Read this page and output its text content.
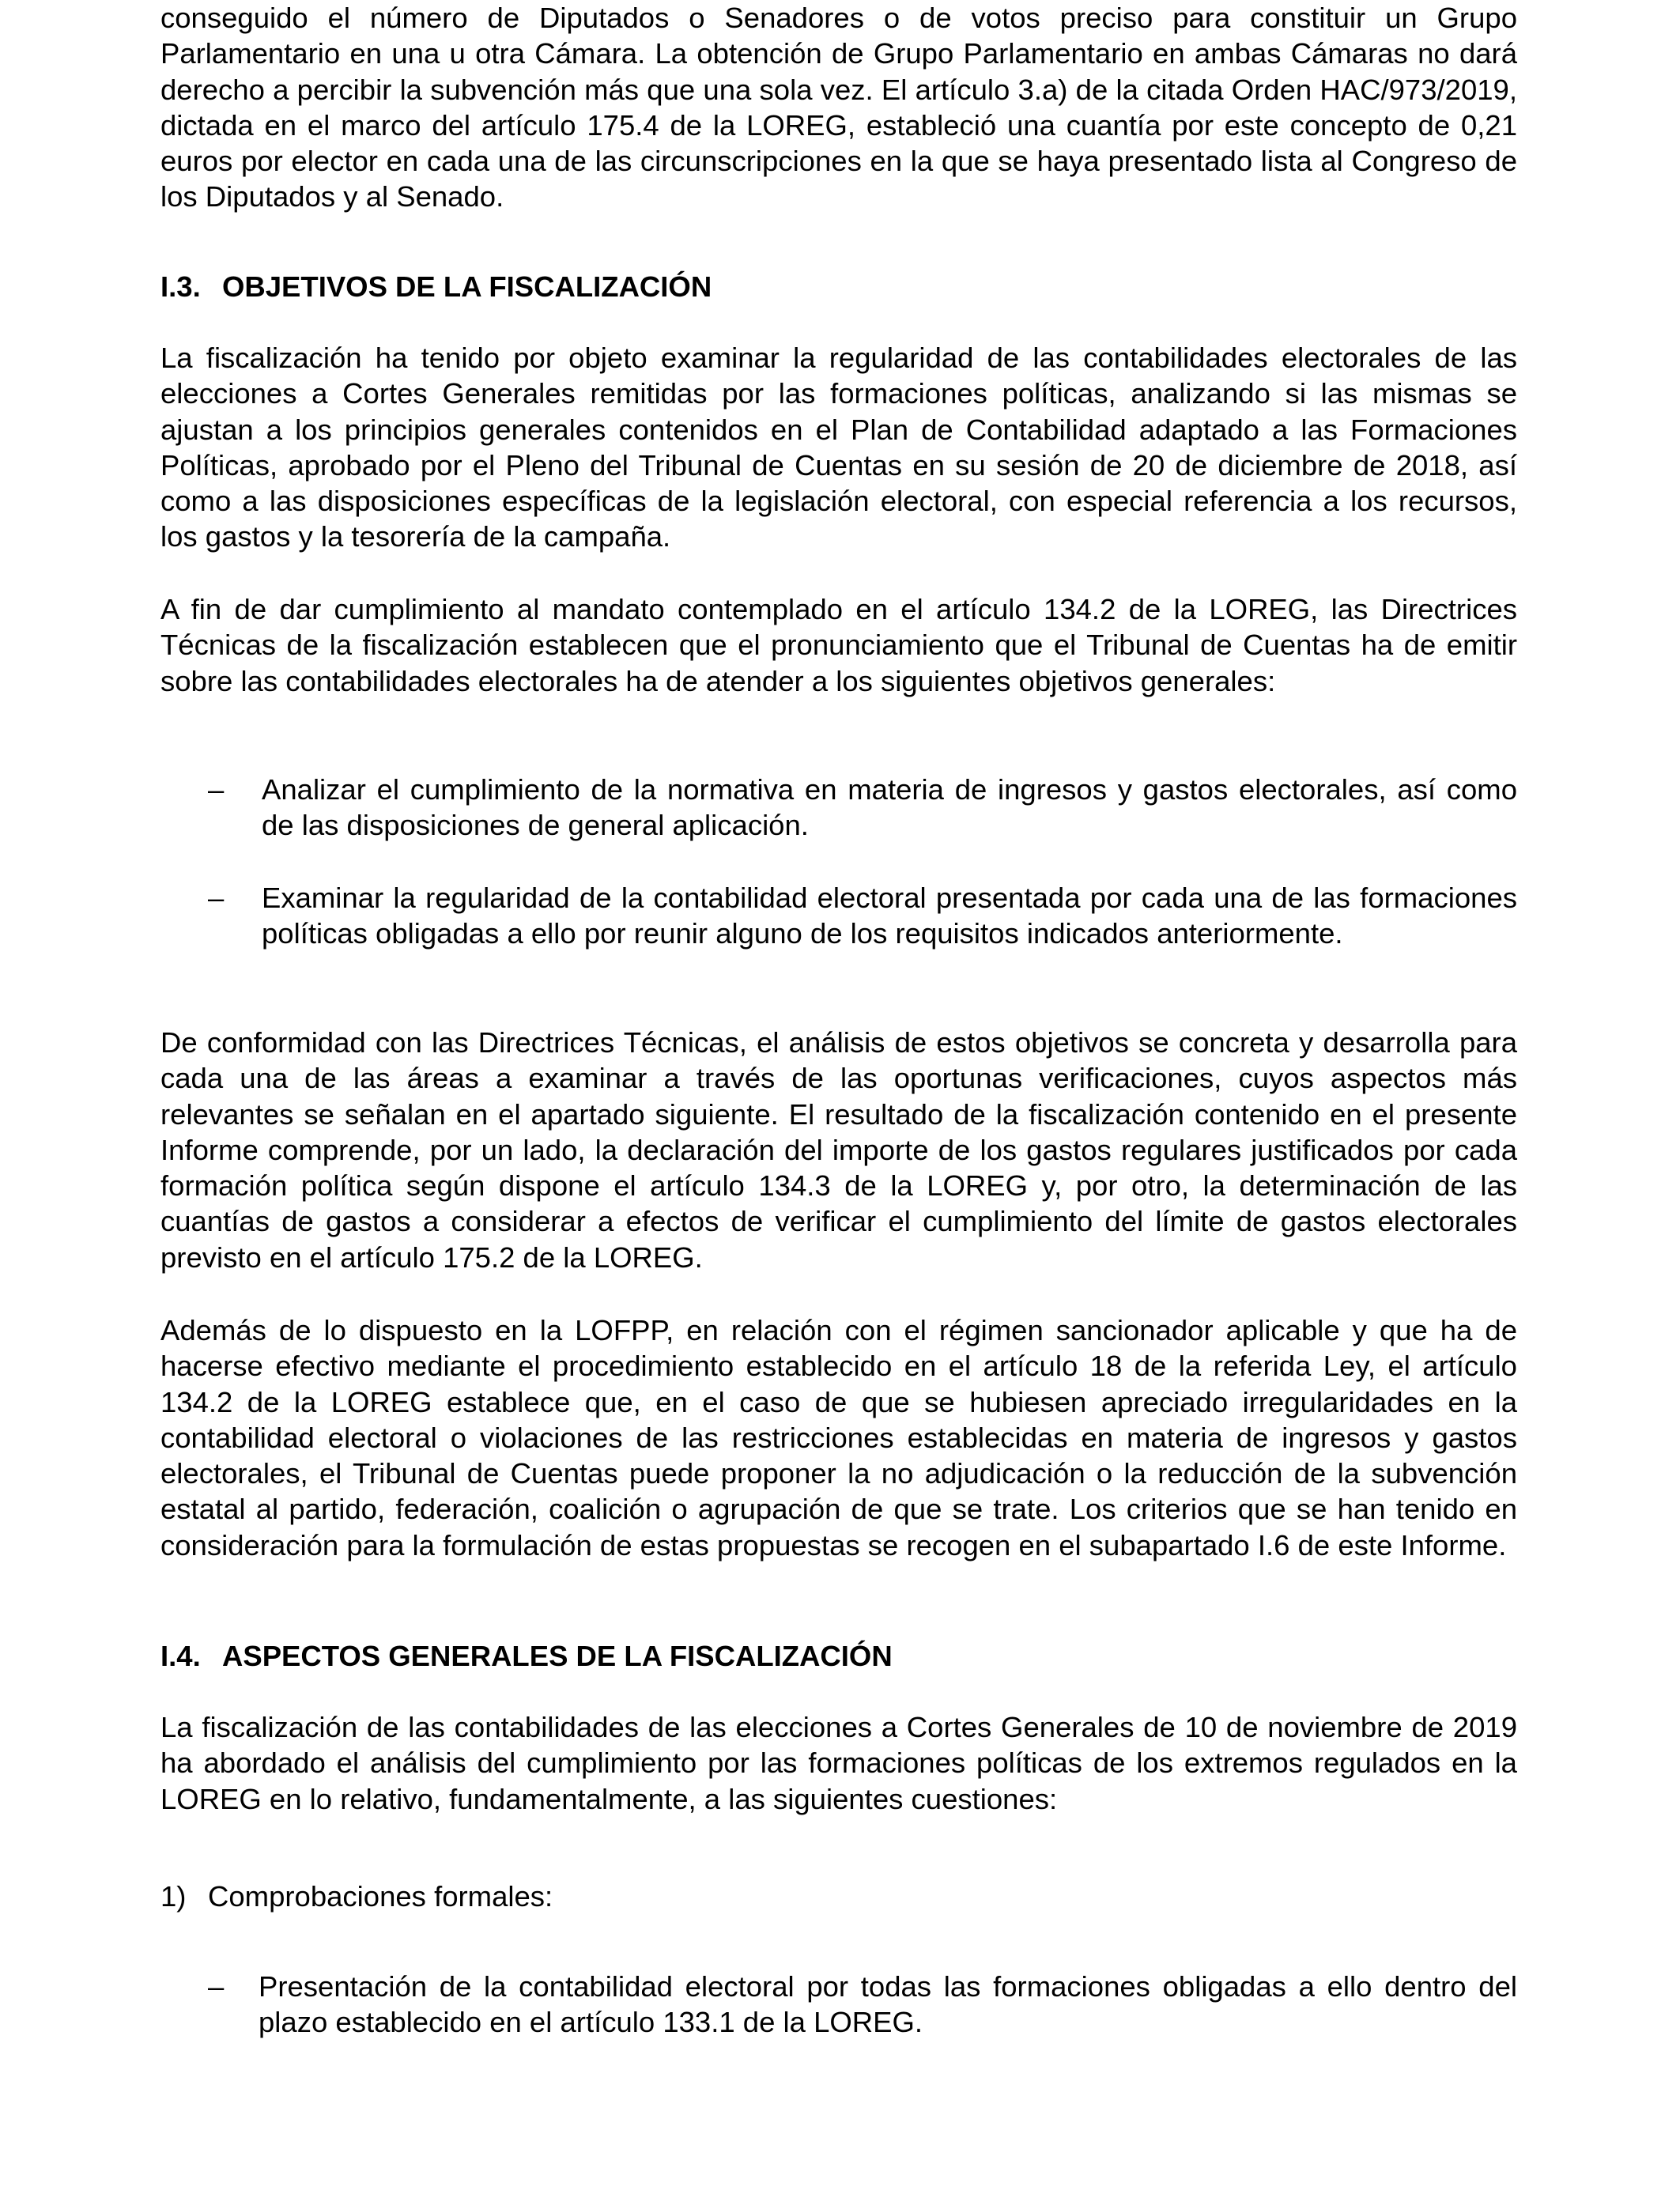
conseguido el número de Diputados o Senadores o de votos preciso para constituir un Grupo Parlamentario en una u otra Cámara. La obtención de Grupo Parlamentario en ambas Cámaras no dará derecho a percibir la subvención más que una sola vez. El artículo 3.a) de la citada Orden HAC/973/2019, dictada en el marco del artículo 175.4 de la LOREG, estableció una cuantía por este concepto de 0,21 euros por elector en cada una de las circunscripciones en la que se haya presentado lista al Congreso de los Diputados y al Senado.

I.3. OBJETIVOS DE LA FISCALIZACIÓN

La fiscalización ha tenido por objeto examinar la regularidad de las contabilidades electorales de las elecciones a Cortes Generales remitidas por las formaciones políticas, analizando si las mismas se ajustan a los principios generales contenidos en el Plan de Contabilidad adaptado a las Formaciones Políticas, aprobado por el Pleno del Tribunal de Cuentas en su sesión de 20 de diciembre de 2018, así como a las disposiciones específicas de la legislación electoral, con especial referencia a los recursos, los gastos y la tesorería de la campaña.

A fin de dar cumplimiento al mandato contemplado en el artículo 134.2 de la LOREG, las Directrices Técnicas de la fiscalización establecen que el pronunciamiento que el Tribunal de Cuentas ha de emitir sobre las contabilidades electorales ha de atender a los siguientes objetivos generales:

– Analizar el cumplimiento de la normativa en materia de ingresos y gastos electorales, así como de las disposiciones de general aplicación.

– Examinar la regularidad de la contabilidad electoral presentada por cada una de las formaciones políticas obligadas a ello por reunir alguno de los requisitos indicados anteriormente.

De conformidad con las Directrices Técnicas, el análisis de estos objetivos se concreta y desarrolla para cada una de las áreas a examinar a través de las oportunas verificaciones, cuyos aspectos más relevantes se señalan en el apartado siguiente. El resultado de la fiscalización contenido en el presente Informe comprende, por un lado, la declaración del importe de los gastos regulares justificados por cada formación política según dispone el artículo 134.3 de la LOREG y, por otro, la determinación de las cuantías de gastos a considerar a efectos de verificar el cumplimiento del límite de gastos electorales previsto en el artículo 175.2 de la LOREG.

Además de lo dispuesto en la LOFPP, en relación con el régimen sancionador aplicable y que ha de hacerse efectivo mediante el procedimiento establecido en el artículo 18 de la referida Ley, el artículo 134.2 de la LOREG establece que, en el caso de que se hubiesen apreciado irregularidades en la contabilidad electoral o violaciones de las restricciones establecidas en materia de ingresos y gastos electorales, el Tribunal de Cuentas puede proponer la no adjudicación o la reducción de la subvención estatal al partido, federación, coalición o agrupación de que se trate. Los criterios que se han tenido en consideración para la formulación de estas propuestas se recogen en el subapartado I.6 de este Informe.

I.4. ASPECTOS GENERALES DE LA FISCALIZACIÓN

La fiscalización de las contabilidades de las elecciones a Cortes Generales de 10 de noviembre de 2019 ha abordado el análisis del cumplimiento por las formaciones políticas de los extremos regulados en la LOREG en lo relativo, fundamentalmente, a las siguientes cuestiones:

1) Comprobaciones formales:

– Presentación de la contabilidad electoral por todas las formaciones obligadas a ello dentro del plazo establecido en el artículo 133.1 de la LOREG.
